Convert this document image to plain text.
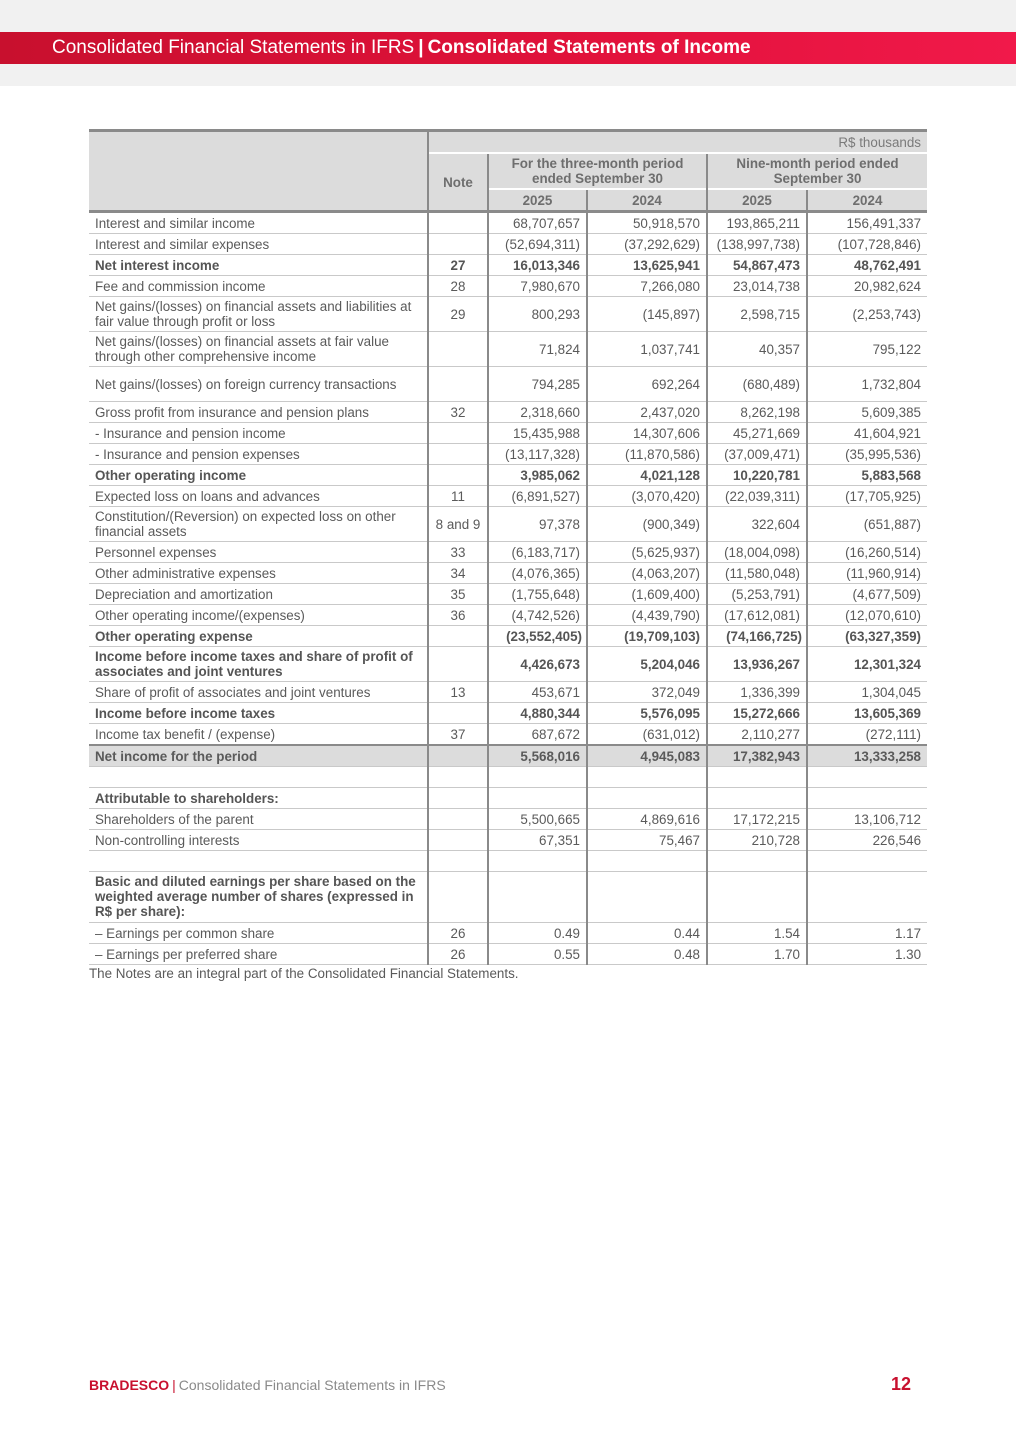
Consolidated Financial Statements in IFRS | Consolidated Statements of Income
	R$ thousands				
	Note	For the three-month period ended September 30		Nine-month period ended September 30	
		2025	2024	2025	2024
Interest and similar income		68,707,657	50,918,570	193,865,211	156,491,337
Interest and similar expenses		(52,694,311)	(37,292,629)	(138,997,738)	(107,728,846)
Net interest income	27	16,013,346	13,625,941	54,867,473	48,762,491
Fee and commission income	28	7,980,670	7,266,080	23,014,738	20,982,624
Net gains/(losses) on financial assets and liabilities at fair value through profit or loss	29	800,293	(145,897)	2,598,715	(2,253,743)
Net gains/(losses) on financial assets at fair value through other comprehensive income		71,824	1,037,741	40,357	795,122
Net gains/(losses) on foreign currency transactions		794,285	692,264	(680,489)	1,732,804
Gross profit from insurance and pension plans	32	2,318,660	2,437,020	8,262,198	5,609,385
- Insurance and pension income		15,435,988	14,307,606	45,271,669	41,604,921
- Insurance and pension expenses		(13,117,328)	(11,870,586)	(37,009,471)	(35,995,536)
Other operating income		3,985,062	4,021,128	10,220,781	5,883,568
Expected loss on loans and advances	11	(6,891,527)	(3,070,420)	(22,039,311)	(17,705,925)
Constitution/(Reversion) on expected loss on other financial assets	8 and 9	97,378	(900,349)	322,604	(651,887)
Personnel expenses	33	(6,183,717)	(5,625,937)	(18,004,098)	(16,260,514)
Other administrative expenses	34	(4,076,365)	(4,063,207)	(11,580,048)	(11,960,914)
Depreciation and amortization	35	(1,755,648)	(1,609,400)	(5,253,791)	(4,677,509)
Other operating income/(expenses)	36	(4,742,526)	(4,439,790)	(17,612,081)	(12,070,610)
Other operating expense		(23,552,405)	(19,709,103)	(74,166,725)	(63,327,359)
Income before income taxes and share of profit of associates and joint ventures		4,426,673	5,204,046	13,936,267	12,301,324
Share of profit of associates and joint ventures	13	453,671	372,049	1,336,399	1,304,045
Income before income taxes		4,880,344	5,576,095	15,272,666	13,605,369
Income tax benefit / (expense)	37	687,672	(631,012)	2,110,277	(272,111)
Net income for the period		5,568,016	4,945,083	17,382,943	13,333,258

Attributable to shareholders:					
Shareholders of the parent		5,500,665	4,869,616	17,172,215	13,106,712
Non-controlling interests		67,351	75,467	210,728	226,546

Basic and diluted earnings per share based on the weighted average number of shares (expressed in R$ per share):					
– Earnings per common share	26	0.49	0.44	1.54	1.17
– Earnings per preferred share	26	0.55	0.48	1.70	1.30
The Notes are an integral part of the Consolidated Financial Statements.
BRADESCO | Consolidated Financial Statements in IFRS	12
